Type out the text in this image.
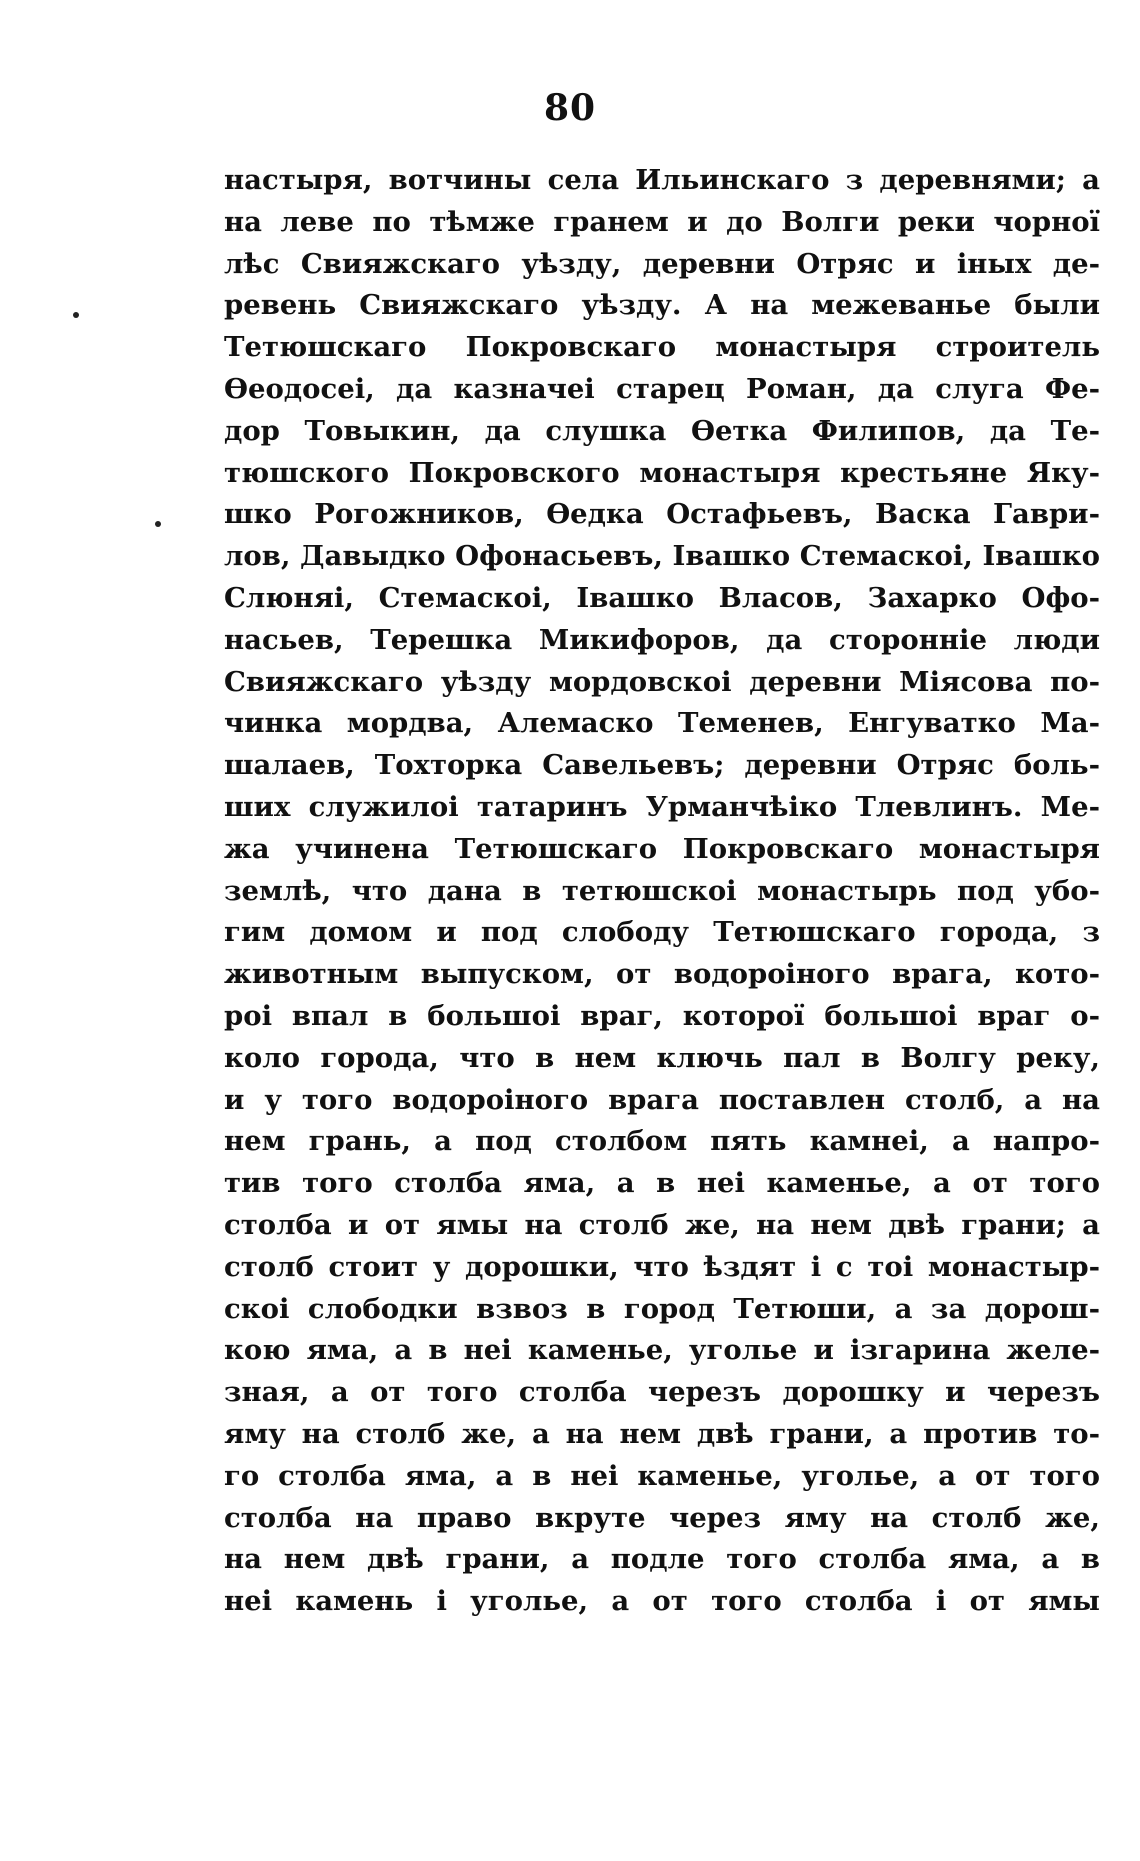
80
настыря, вотчины села Ильинскаго з деревнями; а
на леве по тѣмже гранем и до Волги реки чорної
лѣс Свияжскаго уѣзду, деревни Отряс и іных де-
ревень Свияжскаго уѣзду. А на межеванье были
Тетюшскаго Покровскаго монастыря строитель
Ѳеодосеі, да казначеі старец Роман, да слуга Фе-
дор Товыкин, да слушка Ѳетка Филипов, да Те-
тюшского Покровского монастыря крестьяне Яку-
шко Рогожников, Ѳедка Остафьевъ, Васка Гаври-
лов, Давыдко Офонасьевъ, Івашко Стемаскоі, Івашко
Слюняі, Стемаскоі, Івашко Власов, Захарко Офо-
насьев, Терешка Микифоров, да сторонніе люди
Свияжскаго уѣзду мордовскоі деревни Міясова по-
чинка мордва, Алемаско Теменев, Енгуватко Ма-
шалаев, Тохторка Савельевъ; деревни Отряс боль-
ших служилоі татаринъ Урманчѣіко Тлевлинъ. Ме-
жа учинена Тетюшскаго Покровскаго монастыря
землѣ, что дана в тетюшскоі монастырь под убо-
гим домом и под слободу Тетюшскаго города, з
животным выпуском, от водороіного врага, кото-
роі впал в большоі враг, которої большоі враг о-
коло города, что в нем ключь пал в Волгу реку,
и у того водороіного врага поставлен столб, а на
нем грань, а под столбом пять камнеі, а напро-
тив того столба яма, а в неі каменье, а от того
столба и от ямы на столб же, на нем двѣ грани; а
столб стоит у дорошки, что ѣздят і с тоі монастыр-
скоі слободки взвоз в город Тетюши, а за дорош-
кою яма, а в неі каменье, уголье и ізгарина желе-
зная, а от того столба черезъ дорошку и черезъ
яму на столб же, а на нем двѣ грани, а против то-
го столба яма, а в неі каменье, уголье, а от того
столба на право вкруте через яму на столб же,
на нем двѣ грани, а подле того столба яма, а в
неі камень і уголье, а от того столба і от ямы
